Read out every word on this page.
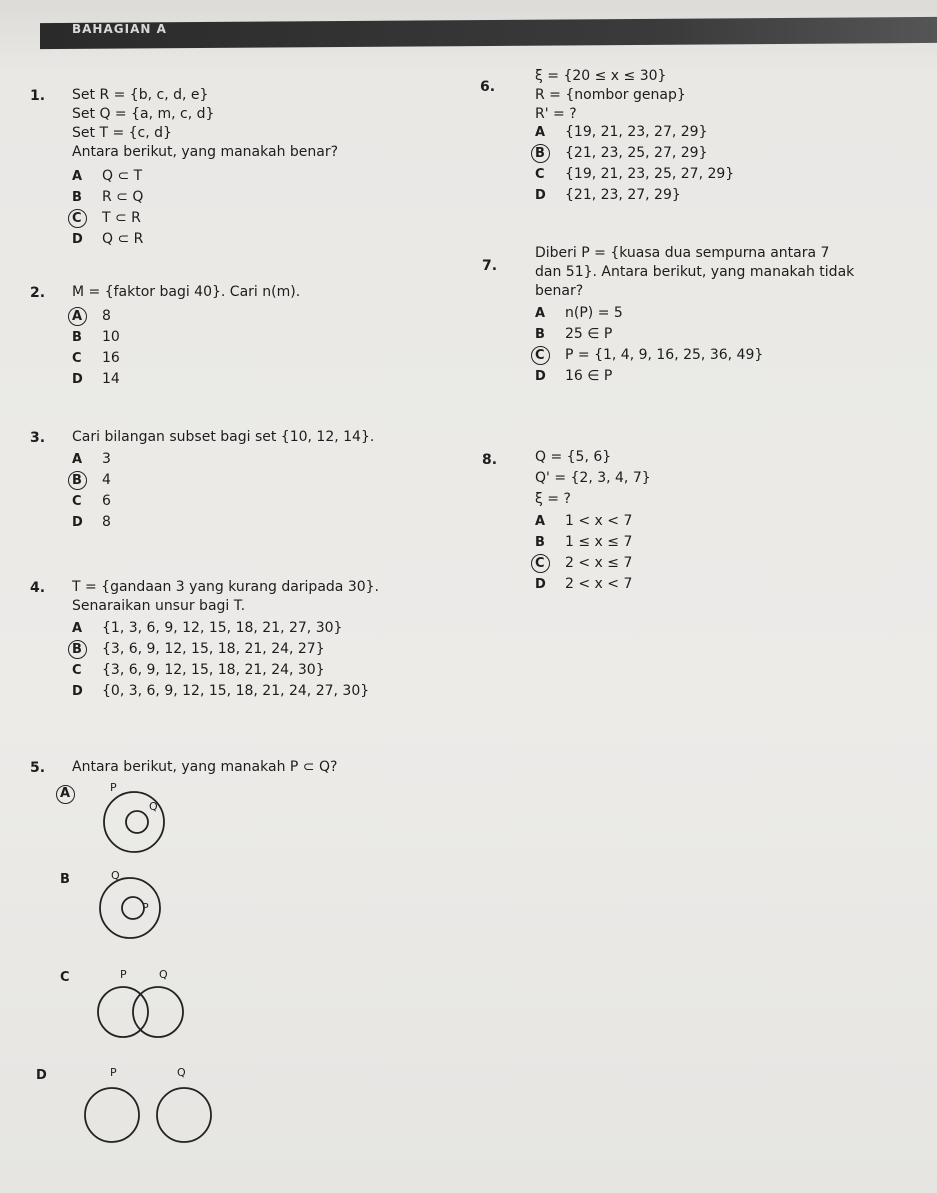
BAHAGIAN A
1. Set R = {b, c, d, e}
Set Q = {a, m, c, d}
Set T = {c, d}
Antara berikut, yang manakah benar?
A Q ⊂ T
B R ⊂ Q
C T ⊂ R
D Q ⊂ R
2. M = {faktor bagi 40}. Cari n(m).
A 8
B 10
C 16
D 14
3. Cari bilangan subset bagi set {10, 12, 14}.
A 3
B 4
C 6
D 8
4. T = {gandaan 3 yang kurang daripada 30}.
Senaraikan unsur bagi T.
A {1, 3, 6, 9, 12, 15, 18, 21, 27, 30}
B {3, 6, 9, 12, 15, 18, 21, 24, 27}
C {3, 6, 9, 12, 15, 18, 21, 24, 30}
D {0, 3, 6, 9, 12, 15, 18, 21, 24, 27, 30}
5. Antara berikut, yang manakah P ⊂ Q?
A	P
Q
B	Q
P
C	P	Q
D	P	Q
6.
ξ = {20 ≤ x ≤ 30}
R = {nombor genap}
R' = ?
A {19, 21, 23, 27, 29}
B {21, 23, 25, 27, 29}
C {19, 21, 23, 25, 27, 29}
D {21, 23, 27, 29}
7.
Diberi P = {kuasa dua sempurna antara 7
dan 51}. Antara berikut, yang manakah tidak
benar?
A n(P) = 5
B 25 ∈ P
C P = {1, 4, 9, 16, 25, 36, 49}
D 16 ∈ P
8.	Q = {5, 6}
Q' = {2, 3, 4, 7}
ξ = ?
A 1 < x < 7
B 1 ≤ x ≤ 7
C 2 < x ≤ 7
D 2 < x < 7
